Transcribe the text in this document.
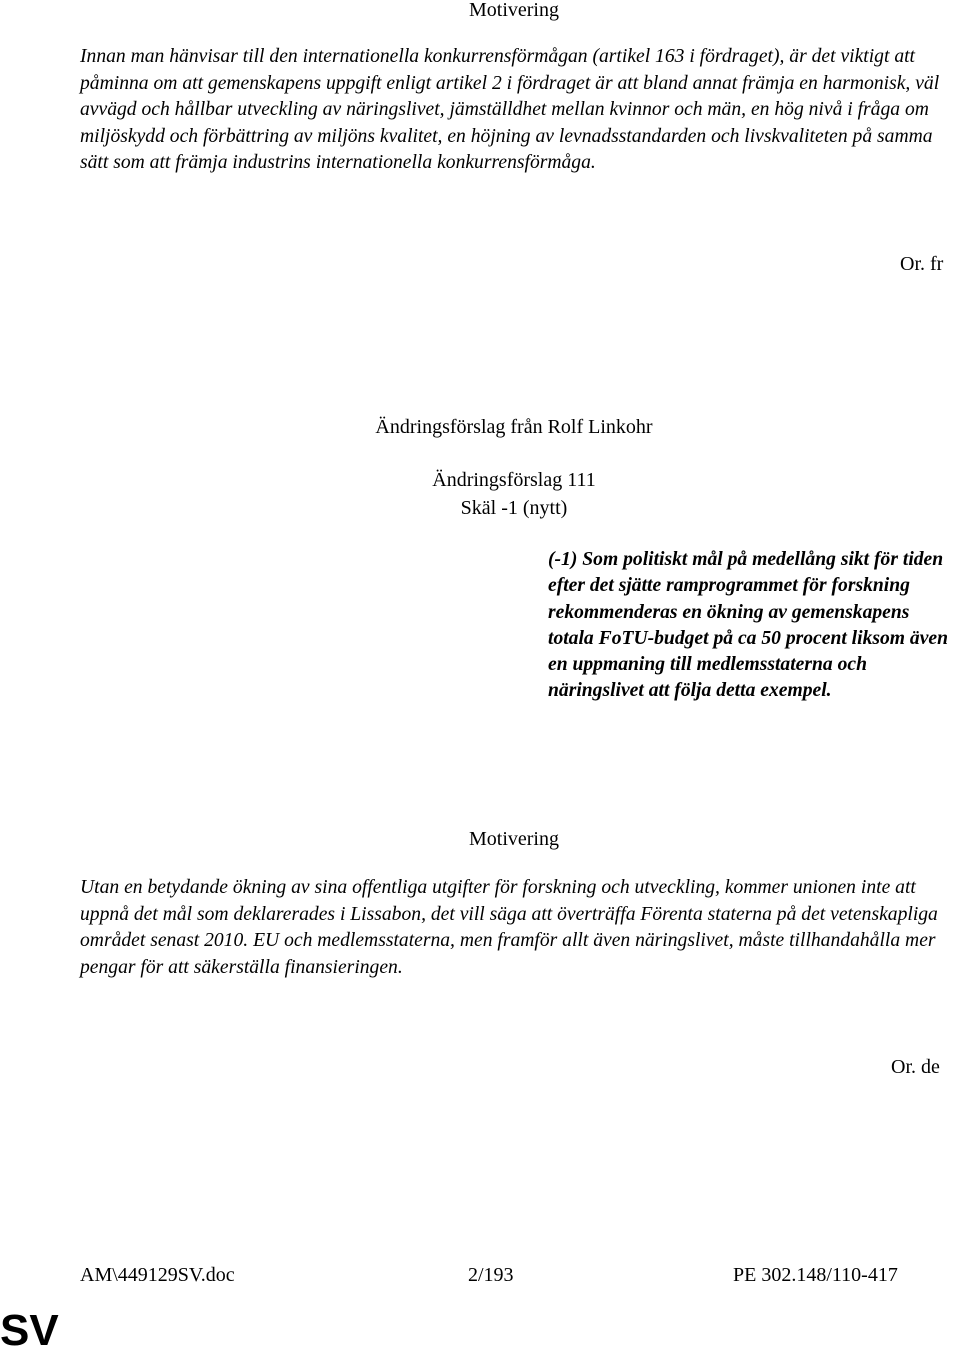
Motivering

Innan man hänvisar till den internationella konkurrensförmågan (artikel 163 i fördraget), är det viktigt att påminna om att gemenskapens uppgift enligt artikel 2 i fördraget är att bland annat främja en harmonisk, väl avvägd och hållbar utveckling av näringslivet, jämställdhet mellan kvinnor och män, en hög nivå i fråga om miljöskydd och förbättring av miljöns kvalitet, en höjning av levnadsstandarden och livskvaliteten på samma sätt som att främja industrins internationella konkurrensförmåga.

Or. fr
Ändringsförslag från Rolf Linkohr
Ändringsförslag 111
Skäl -1 (nytt)

(-1) Som politiskt mål på medellång sikt för tiden efter det sjätte ramprogrammet för forskning rekommenderas en ökning av gemenskapens totala FoTU-budget på ca 50 procent liksom även en uppmaning till medlemsstaterna och näringslivet att följa detta exempel.

Motivering

Utan en betydande ökning av sina offentliga utgifter för forskning och utveckling, kommer unionen inte att uppnå det mål som deklarerades i Lissabon, det vill säga att överträffa Förenta staterna på det vetenskapliga området senast 2010. EU och medlemsstaterna, men framför allt även näringslivet, måste tillhandahålla mer pengar för att säkerställa finansieringen.

Or. de
AM\449129SV.doc	2/193	PE 302.148/110-417
SV
